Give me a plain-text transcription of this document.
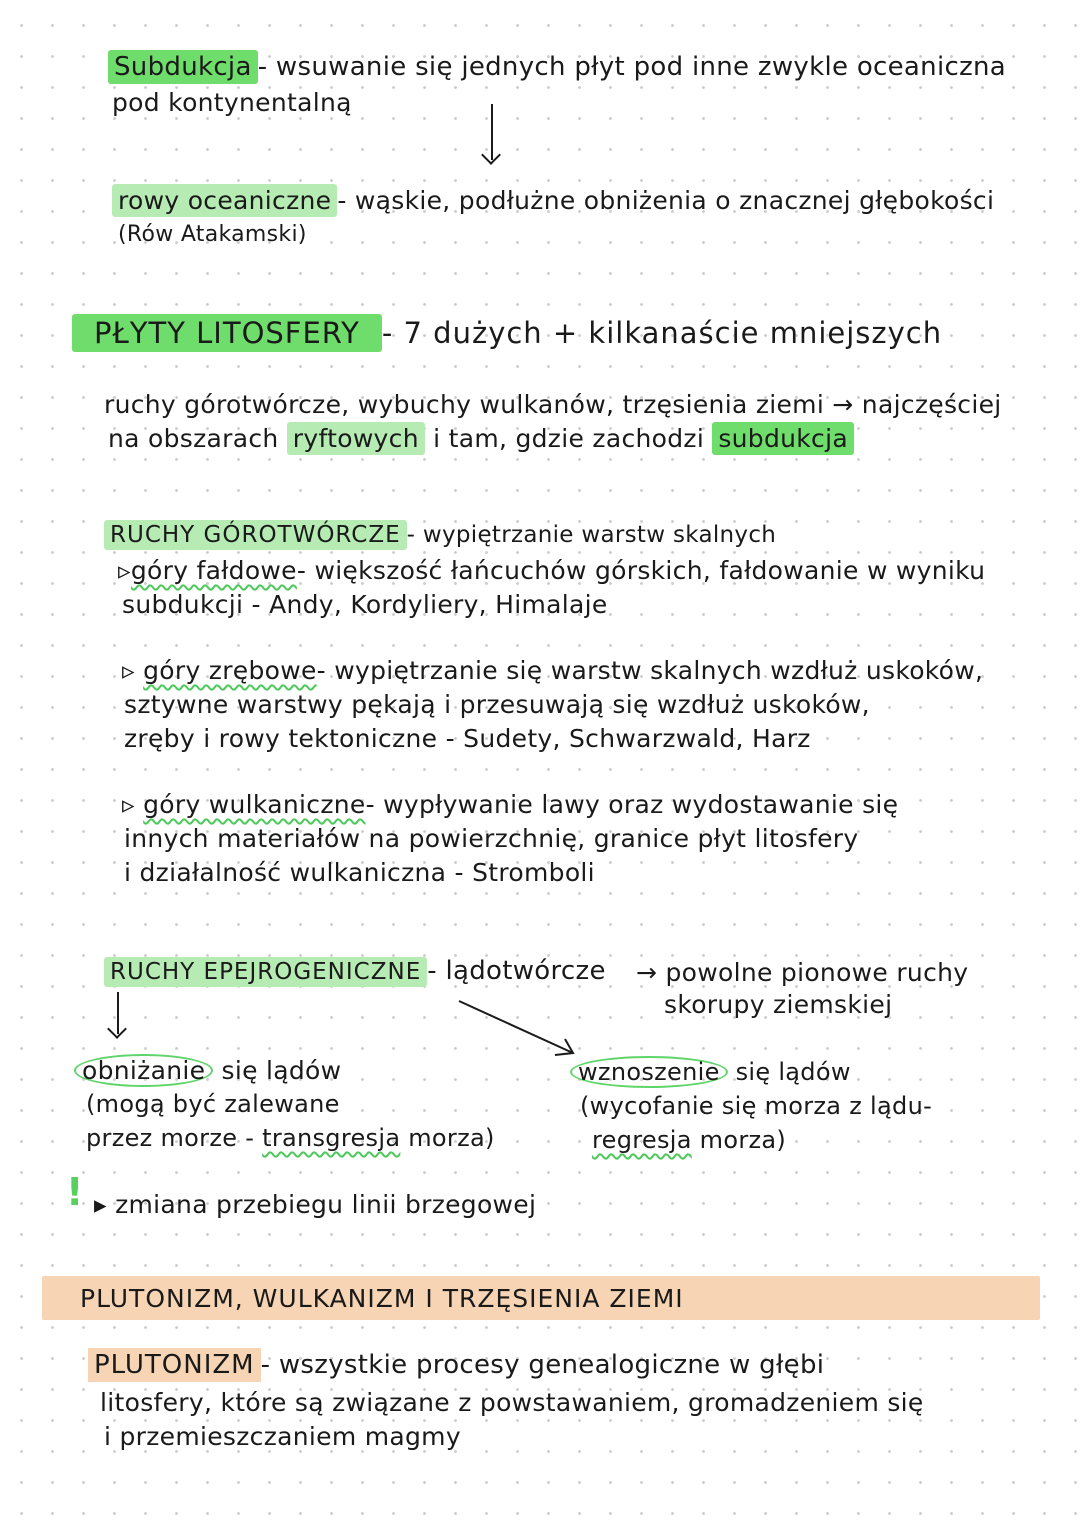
Subdukcja - wsuwanie się jednych płyt pod inne zwykle oceaniczna
pod kontynentalną
rowy oceaniczne - wąskie, podłużne obniżenia o znacznej głębokości
(Rów Atakamski)
PŁYTY LITOSFERY - 7 dużych + kilkanaście mniejszych
ruchy górotwórcze, wybuchy wulkanów, trzęsienia ziemi → najczęściej
na obszarach ryftowych i tam, gdzie zachodzi subdukcja
RUCHY GÓROTWÓRCZE - wypiętrzanie warstw skalnych
▹góry fałdowe- większość łańcuchów górskich, fałdowanie w wyniku
subdukcji - Andy, Kordyliery, Himalaje
▹ góry zrębowe- wypiętrzanie się warstw skalnych wzdłuż uskoków,
sztywne warstwy pękają i przesuwają się wzdłuż uskoków,
zręby i rowy tektoniczne - Sudety, Schwarzwald, Harz
▹ góry wulkaniczne- wypływanie lawy oraz wydostawanie się
innych materiałów na powierzchnię, granice płyt litosfery
i działalność wulkaniczna - Stromboli
RUCHY EPEJROGENICZNE - lądotwórcze → powolne pionowe ruchy
skorupy ziemskiej
obniżanie się lądów
(mogą być zalewane
przez morze - transgresja morza)
wznoszenie się lądów
(wycofanie się morza z lądu-
regresja morza)
! ▸ zmiana przebiegu linii brzegowej
PLUTONIZM, WULKANIZM I TRZĘSIENIA ZIEMI
PLUTONIZM - wszystkie procesy genealogiczne w głębi
litosfery, które są związane z powstawaniem, gromadzeniem się
i przemieszczaniem magmy
